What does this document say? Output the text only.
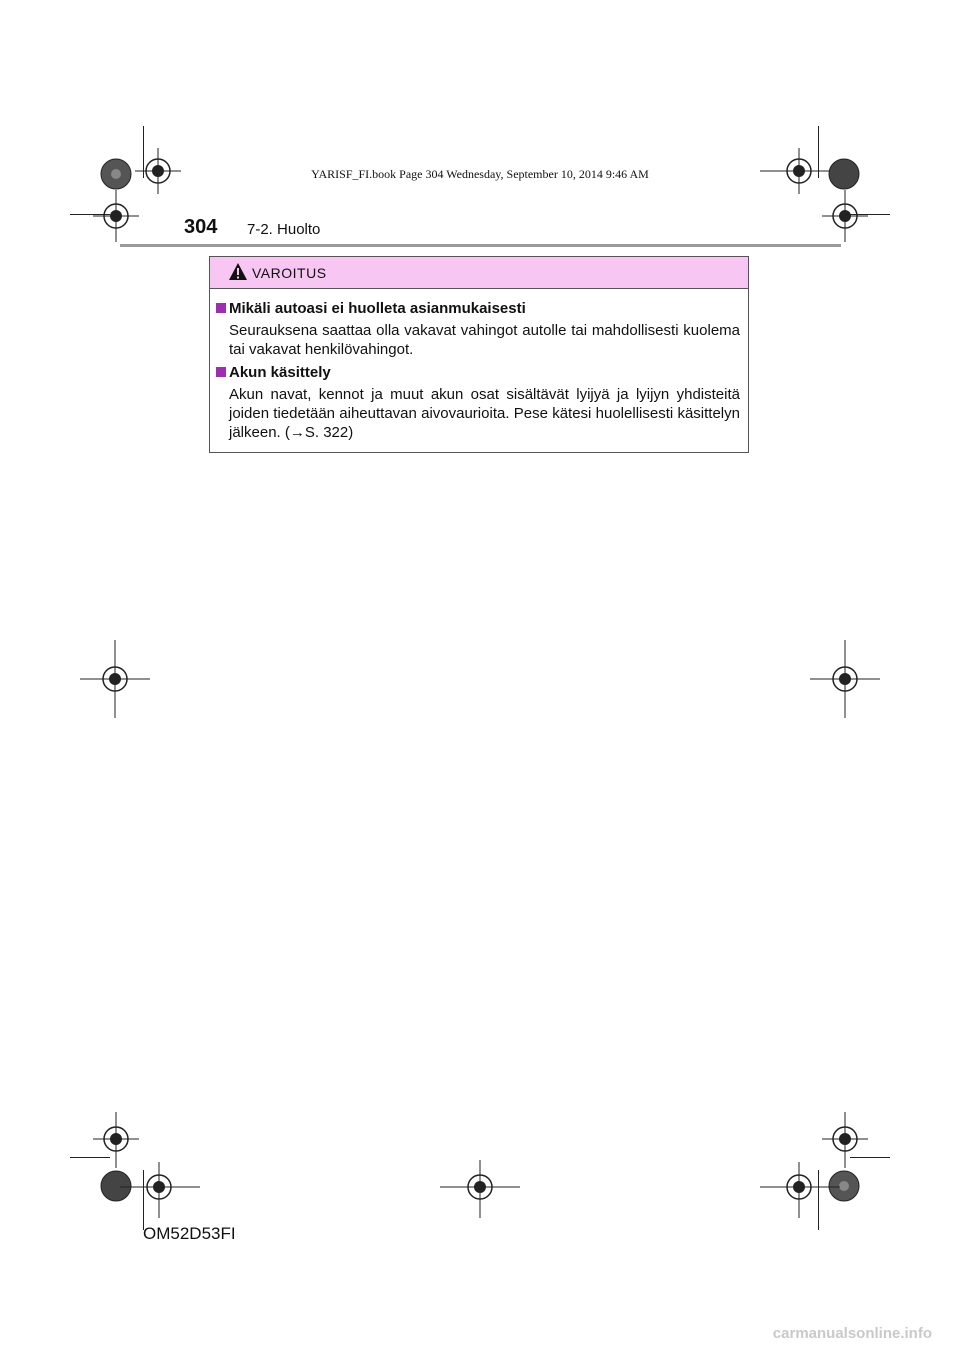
YARISF_FI.book Page 304 Wednesday, September 10, 2014 9:46 AM
304 7-2. Huolto
VAROITUS
Mikäli autoasi ei huolleta asianmukaisesti
Seurauksena saattaa olla vakavat vahingot autolle tai mahdollisesti kuolema tai vakavat henkilövahingot.
Akun käsittely
Akun navat, kennot ja muut akun osat sisältävät lyijyä ja lyijyn yhdisteitä joiden tiedetään aiheuttavan aivovaurioita. Pese kätesi huolellisesti käsittelyn jälkeen. (→S. 322)
OM52D53FI
carmanualsonline.info
